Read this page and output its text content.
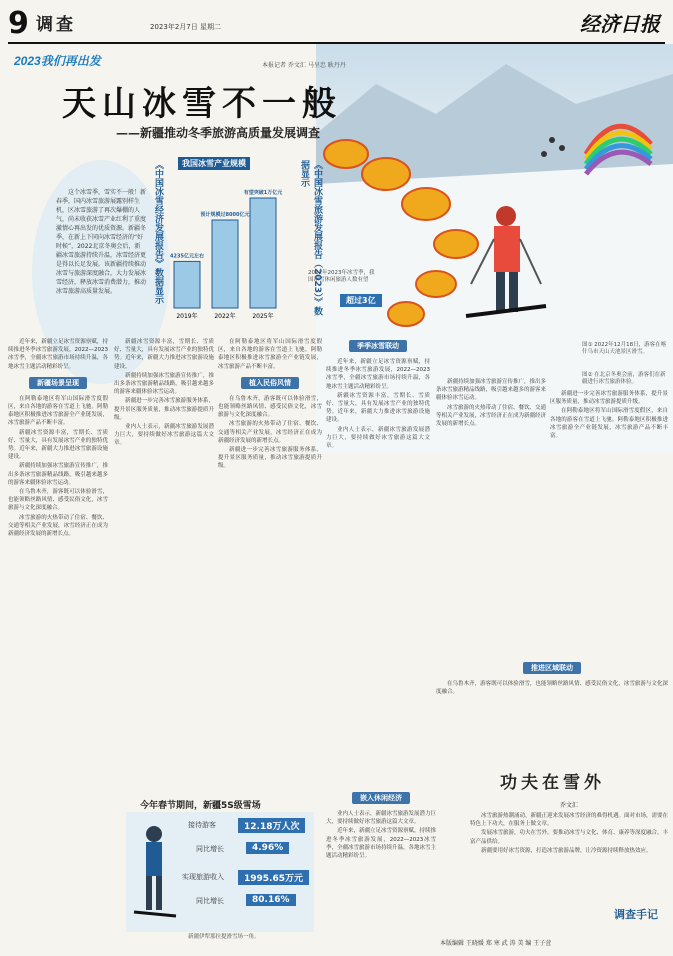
9 调查	2023年2月7日 星期二	经济日报
图① 2022年12月18日，游客在喀什乌市天山天池景区滑雪。
图② 在北京冬奥会前，游客们在新疆进行冰雪旅游体验。
2023我们再出发	本报记者 乔文汇 马呈忠 耿丹丹
天山冰雪不一般
——新疆推动冬季旅游高质量发展调查

这个冰雪季，雪实不一般！新春季，国内冰雪旅游展露别样生机，区冰雪旅游了再次爆棚的人气，尚未收获冰雪产业红利了重度激情心再出发的优质资源。新疆冬季，在新上下同向冰雪经济的“好时候”，2022北京冬奥会后，新疆冰雪旅游持续升温，冰雪经济更是得以长足发展。该新疆持续推动冰雪与旅游深度融合，大力发展冰雪经济，释放冰雪消费潜力，推动冰雪旅游高质量发展。	《中国冰雪经济发展报告》数据显示	我国冰雪产业规模
2019年
4235亿元左右
2022年
预计规模过8000亿元
2025年
有望突破1万亿元	《中国冰雪旅游发展报告（2023）》数据显示
2022年2023年冰雪季，我国冰雪休闲旅游人数有望
超过3亿

近年来，新疆立足冰雪资源禀赋，持续推进冬季冰雪旅游发展，2022—2023冰雪季，全疆冰雪旅游市场持续升温，各地冰雪主题活动精彩纷呈。

新疆场景呈现

在阿勒泰地区将军山国际滑雪度假区，来自各地的游客在雪道上飞驰。阿勒泰地区积极推进冰雪旅游全产业链发展，冰雪旅游产品不断丰富。

新疆冰雪资源丰富，雪期长、雪质好、雪量大，具有发展冰雪产业的独特优势。近年来，新疆大力推进冰雪旅游设施建设。

新疆持续加强冰雪旅游宣传推广，推出多条冰雪旅游精品线路，吸引越来越多的游客来疆体验冰雪运动。

在乌鲁木齐，游客既可以体验滑雪，也能领略丝路风情、感受民俗文化，冰雪旅游与文化深度融合。

冰雪旅游的火热带动了住宿、餐饮、交通等相关产业发展，冰雪经济正在成为新疆经济发展的新增长点。

新疆冰雪资源丰富，雪期长、雪质好、雪量大，具有发展冰雪产业的独特优势。近年来，新疆大力推进冰雪旅游设施建设。

新疆持续加强冰雪旅游宣传推广，推出多条冰雪旅游精品线路，吸引越来越多的游客来疆体验冰雪运动。

新疆进一步完善冰雪旅游服务体系，提升景区服务质量，推动冰雪旅游提质升级。

业内人士表示，新疆冰雪旅游发展潜力巨大，要持续做好冰雪旅游这篇大文章。

在阿勒泰地区将军山国际滑雪度假区，来自各地的游客在雪道上飞驰。阿勒泰地区积极推进冰雪旅游全产业链发展，冰雪旅游产品不断丰富。

植入民俗风情

在乌鲁木齐，游客既可以体验滑雪，也能领略丝路风情、感受民俗文化，冰雪旅游与文化深度融合。

冰雪旅游的火热带动了住宿、餐饮、交通等相关产业发展，冰雪经济正在成为新疆经济发展的新增长点。

新疆进一步完善冰雪旅游服务体系，提升景区服务质量，推动冰雪旅游提质升级。

季季冰雪联动

近年来，新疆立足冰雪资源禀赋，持续推进冬季冰雪旅游发展，2022—2023冰雪季，全疆冰雪旅游市场持续升温，各地冰雪主题活动精彩纷呈。

新疆冰雪资源丰富，雪期长、雪质好、雪量大，具有发展冰雪产业的独特优势。近年来，新疆大力推进冰雪旅游设施建设。

业内人士表示，新疆冰雪旅游发展潜力巨大，要持续做好冰雪旅游这篇大文章。

新疆持续加强冰雪旅游宣传推广，推出多条冰雪旅游精品线路，吸引越来越多的游客来疆体验冰雪运动。

冰雪旅游的火热带动了住宿、餐饮、交通等相关产业发展，冰雪经济正在成为新疆经济发展的新增长点。

新疆进一步完善冰雪旅游服务体系，提升景区服务质量，推动冰雪旅游提质升级。

在阿勒泰地区将军山国际滑雪度假区，来自各地的游客在雪道上飞驰。阿勒泰地区积极推进冰雪旅游全产业链发展，冰雪旅游产品不断丰富。

推进区域联动

在乌鲁木齐，游客既可以体验滑雪，也能领略丝路风情、感受民俗文化，冰雪旅游与文化深度融合。

嵌入休闲经济

业内人士表示，新疆冰雪旅游发展潜力巨大，要持续做好冰雪旅游这篇大文章。

近年来，新疆立足冰雪资源禀赋，持续推进冬季冰雪旅游发展，2022—2023冰雪季，全疆冰雪旅游市场持续升温，各地冰雪主题活动精彩纷呈。

今年春节期间，新疆5S级雪场
接待游客	12.18万人次
同比增长	4.96%
实现旅游收入	1995.65万元
同比增长	80.16%
新疆伊犁那拉提滑雪场一角。
功夫在雪外
乔文汇

冰雪旅游热潮涌动，新疆正迎来发展冰雪经济的难得机遇。面对市场，需要在特色上下功夫，在服务上做文章。

发展冰雪旅游，功夫在雪外。要推动冰雪与文化、体育、康养等深度融合，丰富产品供给。

新疆要用好冰雪资源，打造冰雪旅游品牌，让冷资源持续释放热效应。

调查手记
本版编辑 王晓媛 郑 寒 武 涛 美 编 王子萱
